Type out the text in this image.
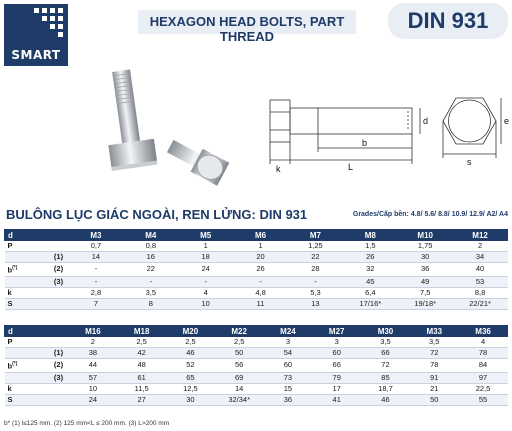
SMART
HEXAGON HEAD BOLTS, PART THREAD
DIN 931
k	L
b
d	e
s
BULÔNG LỤC GIÁC NGOÀI, REN LỬNG: DIN 931	Grades/Cấp bền: 4.8/ 5.6/ 8.8/ 10.9/ 12.9/ A2/ A4
d		M3	M4	M5	M6	M7	M8	M10	M12
P		0,7	0,8	1	1	1,25	1,5	1,75	2
	(1)	14	16	18	20	22	26	30	34
b(*)	(2)	-	22	24	26	28	32	36	40
	(3)	-	-	-	-	-	45	49	53
k		2,8	3,5	4	4,8	5,3	6,4	7,5	8,8
S		7	8	10	11	13	17/16*	19/18*	22/21*
d		M16	M18	M20	M22	M24	M27	M30	M33	M36
P		2	2,5	2,5	2,5	3	3	3,5	3,5	4
	(1)	38	42	46	50	54	60	66	72	78
b(*)	(2)	44	48	52	56	60	66	72	78	84
	(3)	57	61	65	69	73	79	85	91	97
k		10	11,5	12,5	14	15	17	18,7	21	22,5
S		24	27	30	32/34*	36	41	46	50	55
b* (1) l≤125 mm. (2) 125 mm<L ≤ 200 mm. (3) L>200 mm
